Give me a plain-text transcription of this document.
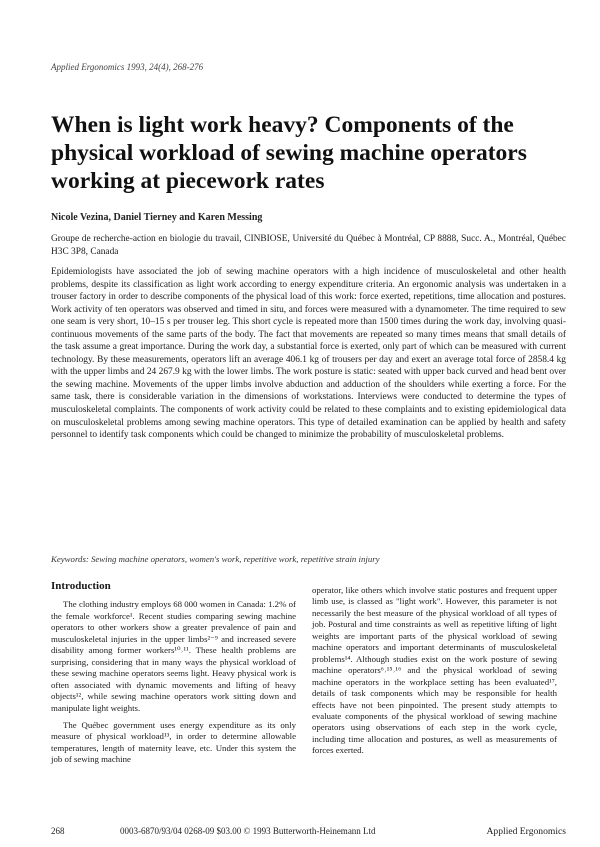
Applied Ergonomics 1993, 24(4), 268-276
When is light work heavy? Components of the physical workload of sewing machine operators working at piecework rates
Nicole Vezina, Daniel Tierney and Karen Messing
Groupe de recherche-action en biologie du travail, CINBIOSE, Université du Québec à Montréal, CP 8888, Succ. A., Montréal, Québec H3C 3P8, Canada

Epidemiologists have associated the job of sewing machine operators with a high incidence of musculoskeletal and other health problems, despite its classification as light work according to energy expenditure criteria. An ergonomic analysis was undertaken in a trouser factory in order to describe components of the physical load of this work: force exerted, repetitions, time allocation and postures. Work activity of ten operators was observed and timed in situ, and forces were measured with a dynamometer. The time required to sew one seam is very short, 10–15 s per trouser leg. This short cycle is repeated more than 1500 times during the work day, involving quasi-continuous movements of the same parts of the body. The fact that movements are repeated so many times means that small details of the task assume a great importance. During the work day, a substantial force is exerted, only part of which can be measured with current technology. By these measurements, operators lift an average 406.1 kg of trousers per day and exert an average total force of 2858.4 kg with the upper limbs and 24 267.9 kg with the lower limbs. The work posture is static: seated with upper back curved and head bent over the sewing machine. Movements of the upper limbs involve abduction and adduction of the shoulders while exerting a force. For the same task, there is considerable variation in the dimensions of workstations. Interviews were conducted to determine the types of musculoskeletal complaints. The components of work activity could be related to these complaints and to existing epidemiological data on musculoskeletal problems among sewing machine operators. This type of detailed examination can be applied by health and safety personnel to identify task components which could be changed to minimize the probability of musculoskeletal problems.

Keywords: Sewing machine operators, women's work, repetitive work, repetitive strain injury
Introduction

The clothing industry employs 68 000 women in Canada: 1.2% of the female workforce¹. Recent studies comparing sewing machine operators to other workers show a greater prevalence of pain and musculoskeletal injuries in the upper limbs²⁻⁹ and increased severe disability among former workers¹⁰˒¹¹. These health problems are surprising, considering that in many ways the physical workload of these sewing machine operators seems light. Heavy physical work is often associated with dynamic movements and lifting of heavy objects¹², while sewing machine operators work sitting down and manipulate light weights.

The Québec government uses energy expenditure as its only measure of physical workload¹³, in order to determine allowable temperatures, length of maternity leave, etc. Under this system the job of sewing machine

operator, like others which involve static postures and frequent upper limb use, is classed as "light work". However, this parameter is not necessarily the best measure of the physical workload of all types of job. Postural and time constraints as well as repetitive lifting of light weights are important parts of the physical workload of sewing machine operators and important determinants of musculoskeletal problems¹⁴. Although studies exist on the work posture of sewing machine operators⁶˒¹⁵˒¹⁶ and the physical workload of sewing machine operators in the workplace setting has been evaluated¹⁷, details of task components which may be responsible for health effects have not been pinpointed. The present study attempts to evaluate components of the physical workload of sewing machine operators using observations of each step in the work cycle, including time allocation and postures, as well as measurements of forces exerted.

268	0003-6870/93/04 0268-09 $03.00 © 1993 Butterworth-Heinemann Ltd	Applied Ergonomics
